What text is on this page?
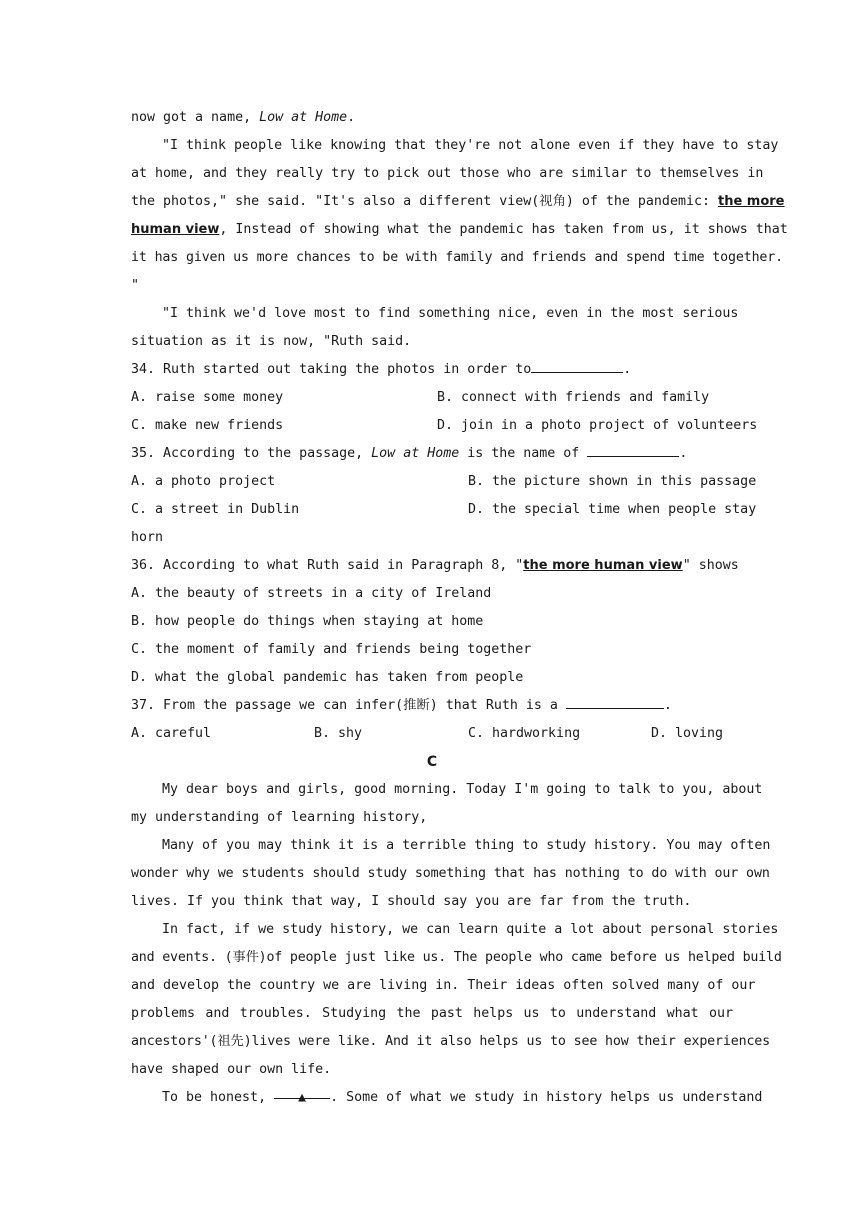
now got a name, Low at Home.
"I think people like knowing that they're not alone even if they have to stay
at home, and they really try to pick out those who are similar to themselves in
the photos," she said. "It's also a different view(视角) of the pandemic: the more
human view, Instead of showing what the pandemic has taken from us, it shows that
it has given us more chances to be with family and friends and spend time together.
"
"I think we'd love most to find something nice, even in the most serious
situation as it is now, "Ruth said.
34. Ruth started out taking the photos in order to	.
A. raise some money	B. connect with friends and family
C. make new friends	D. join in a photo project of volunteers
35. According to the passage, Low at Home is the name of	.
A. a photo project	B. the picture shown in this passage
C. a street in Dublin	D. the special time when people stay
horn
36. According to what Ruth said in Paragraph 8, "the more human view" shows
A. the beauty of streets in a city of Ireland
B. how people do things when staying at home
C. the moment of family and friends being together
D. what the global pandemic has taken from people
37. From the passage we can infer(推断) that Ruth is a	.
A. careful	B. shy	C. hardworking	D. loving
C
My dear boys and girls, good morning. Today I'm going to talk to you, about
my understanding of learning history,
Many of you may think it is a terrible thing to study history. You may often
wonder why we students should study something that has nothing to do with our own
lives. If you think that way, I should say you are far from the truth.
In fact, if we study history, we can learn quite a lot about personal stories
and events. (事件)of people just like us. The people who came before us helped build
and develop the country we are living in. Their ideas often solved many of our
problems and troubles. Studying the past helps us to understand what our
ancestors'(祖先)lives were like. And it also helps us to see how their experiences
have shaped our own life.
To be honest, ▲ . Some of what we study in history helps us understand
